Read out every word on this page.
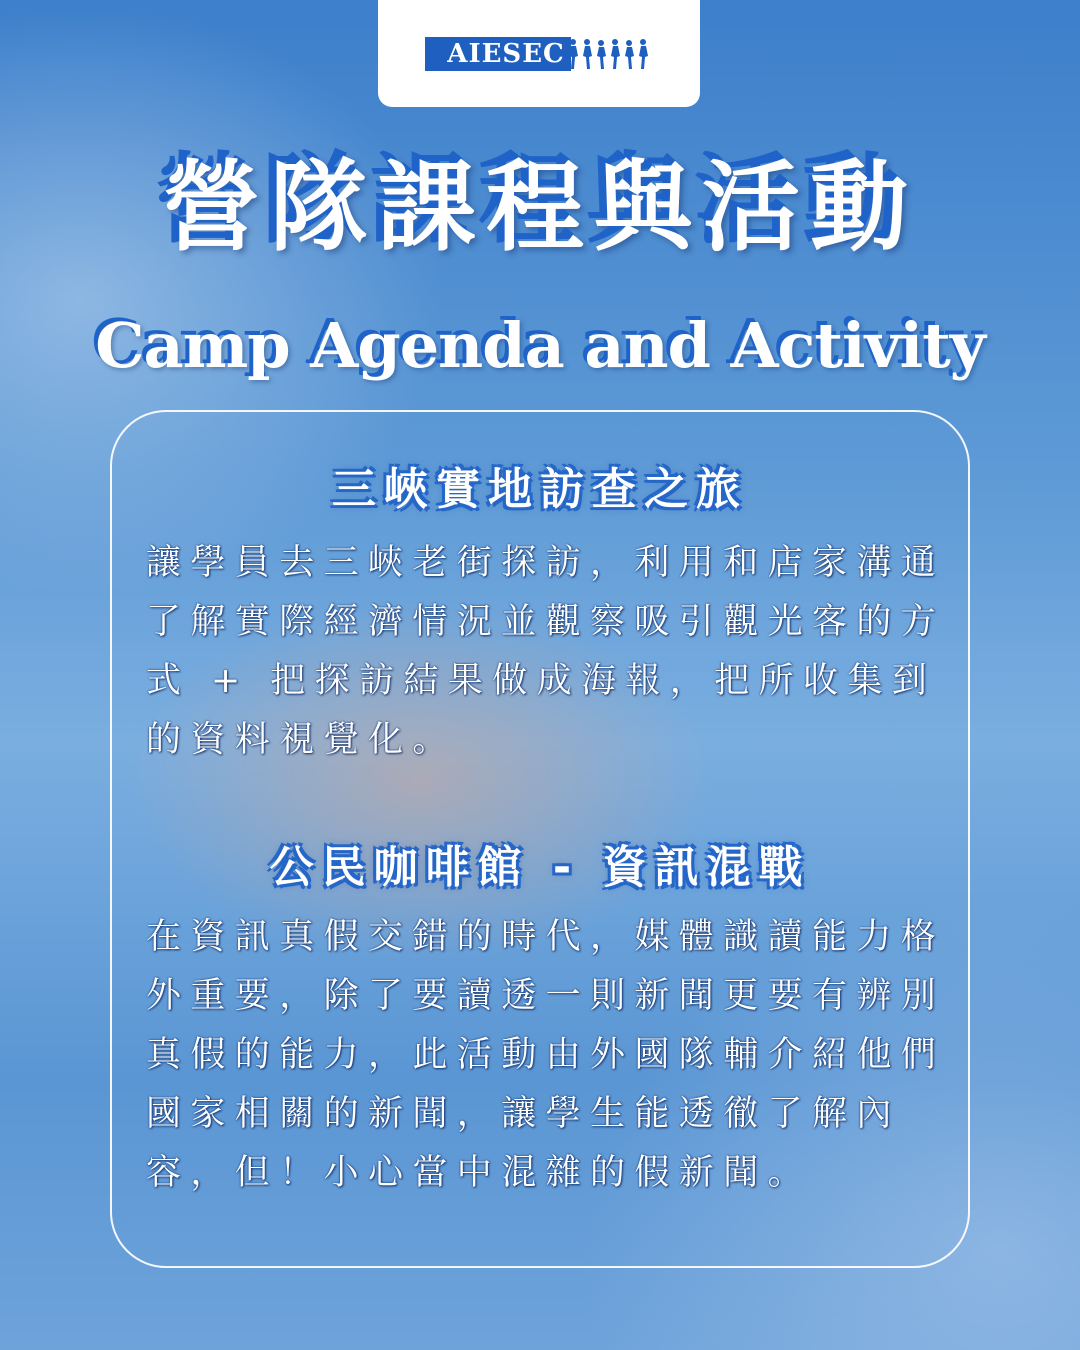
AIESEC
營隊課程與活動
Camp Agenda and Activity
三峽實地訪查之旅
讓學員去三峽老街探訪，利用和店家溝通了解實際經濟情況並觀察吸引觀光客的方式 + 把探訪結果做成海報，把所收集到的資料視覺化。
公民咖啡館 - 資訊混戰
在資訊真假交錯的時代，媒體識讀能力格外重要，除了要讀透一則新聞更要有辨別真假的能力，此活動由外國隊輔介紹他們國家相關的新聞，讓學生能透徹了解內容，但！小心當中混雜的假新聞。
